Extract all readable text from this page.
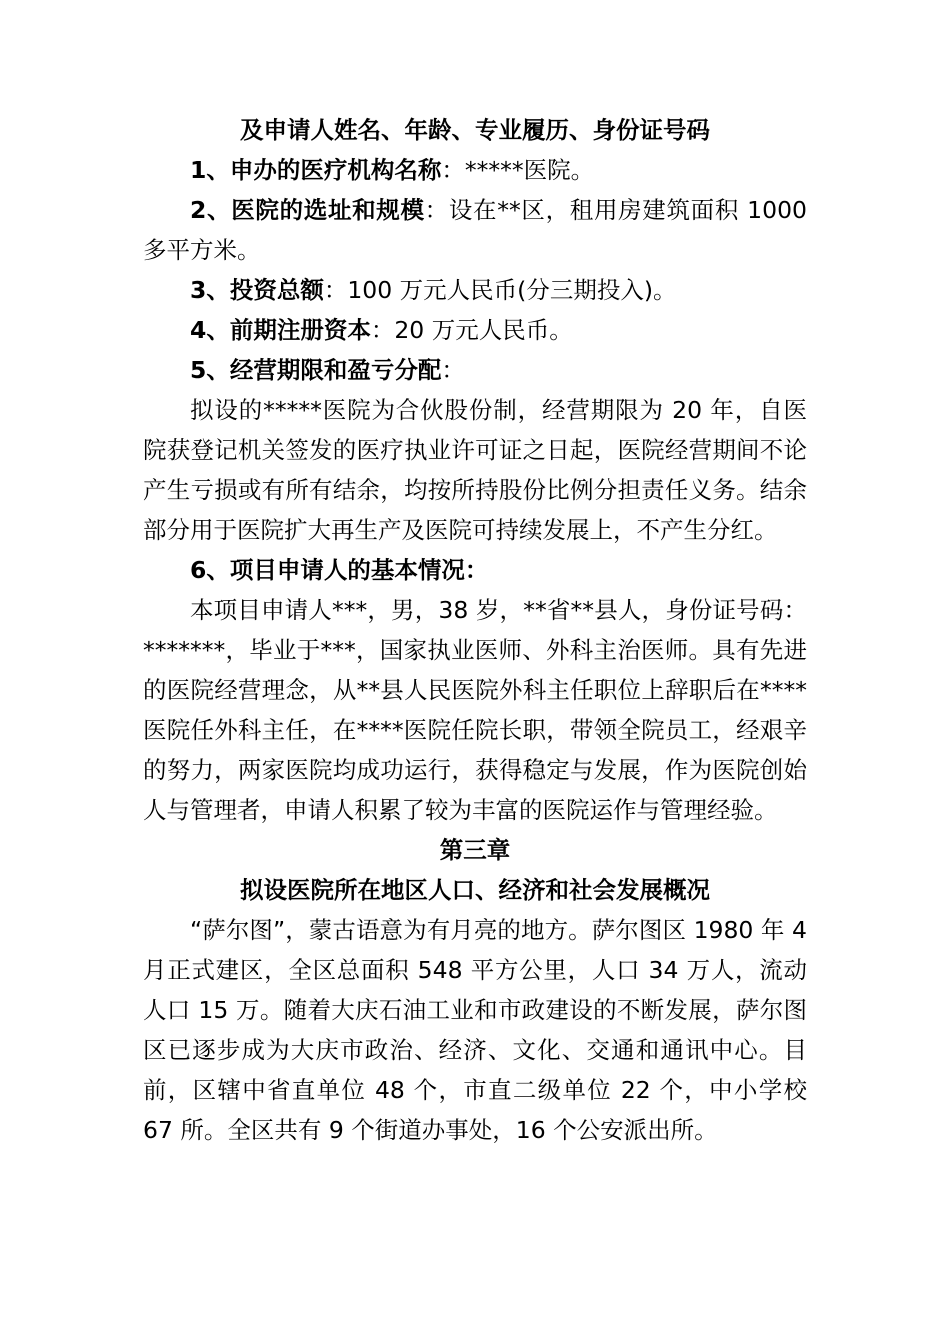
及申请人姓名、年龄、专业履历、身份证号码

1、申办的医疗机构名称：*****医院。

2、医院的选址和规模：设在**区，租用房建筑面积 1000多平方米。

3、投资总额：100 万元人民币(分三期投入)。

4、前期注册资本：20 万元人民币。

5、经营期限和盈亏分配：

拟设的*****医院为合伙股份制，经营期限为 20 年，自医院获登记机关签发的医疗执业许可证之日起，医院经营期间不论产生亏损或有所有结余，均按所持股份比例分担责任义务。结余部分用于医院扩大再生产及医院可持续发展上，不产生分红。

6、项目申请人的基本情况：

本项目申请人***，男，38 岁，**省**县人，身份证号码：*******，毕业于***，国家执业医师、外科主治医师。具有先进的医院经营理念，从**县人民医院外科主任职位上辞职后在****医院任外科主任，在****医院任院长职，带领全院员工，经艰辛的努力，两家医院均成功运行，获得稳定与发展，作为医院创始人与管理者，申请人积累了较为丰富的医院运作与管理经验。

第三章

拟设医院所在地区人口、经济和社会发展概况

“萨尔图”，蒙古语意为有月亮的地方。萨尔图区 1980 年 4 月正式建区，全区总面积 548 平方公里，人口 34 万人，流动人口 15 万。随着大庆石油工业和市政建设的不断发展，萨尔图区已逐步成为大庆市政治、经济、文化、交通和通讯中心。目前，区辖中省直单位 48 个，市直二级单位 22 个，中小学校 67 所。全区共有 9 个街道办事处，16 个公安派出所。
